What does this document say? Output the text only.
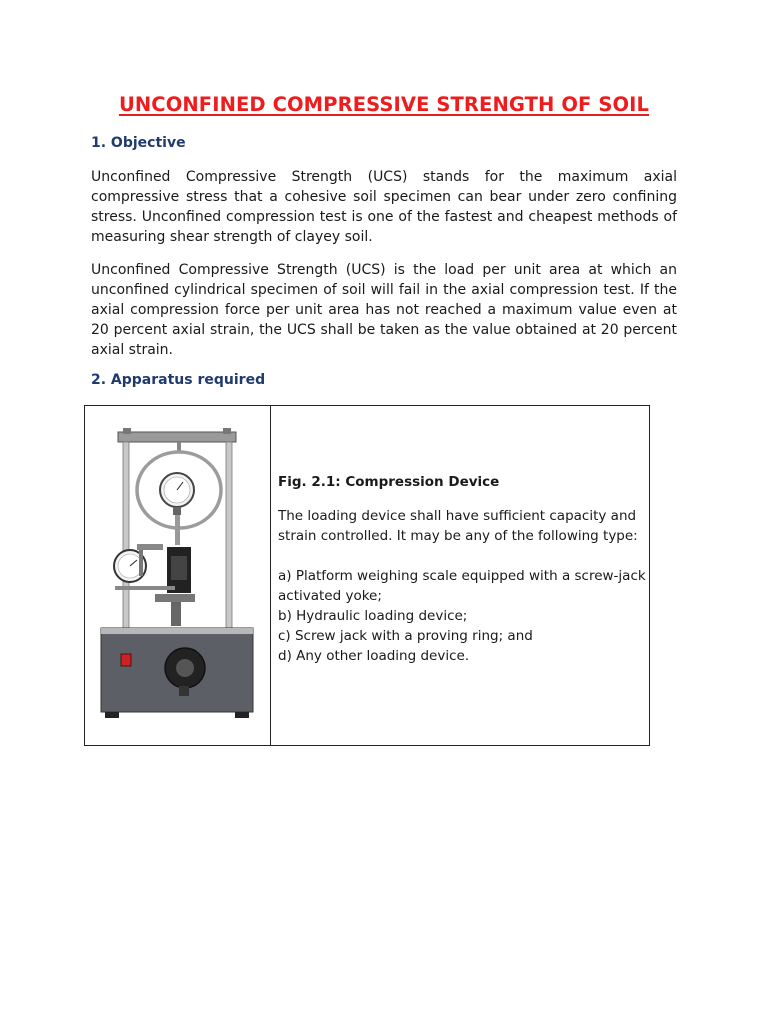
UNCONFINED COMPRESSIVE STRENGTH OF SOIL
1. Objective

Unconfined Compressive Strength (UCS) stands for the maximum axial compressive stress that a cohesive soil specimen can bear under zero confining stress. Unconfined compression test is one of the fastest and cheapest methods of measuring shear strength of clayey soil.

Unconfined Compressive Strength (UCS) is the load per unit area at which an unconfined cylindrical specimen of soil will fail in the axial compression test. If the axial compression force per unit area has not reached a maximum value even at 20 percent axial strain, the UCS shall be taken as the value obtained at 20 percent axial strain.

2. Apparatus required

Fig. 2.1: Compression Device

The loading device shall have sufficient capacity and strain controlled. It may be any of the following type:

a) Platform weighing scale equipped with a screw-jack activated yoke;
b) Hydraulic loading device;
c) Screw jack with a proving ring; and
d) Any other loading device.
